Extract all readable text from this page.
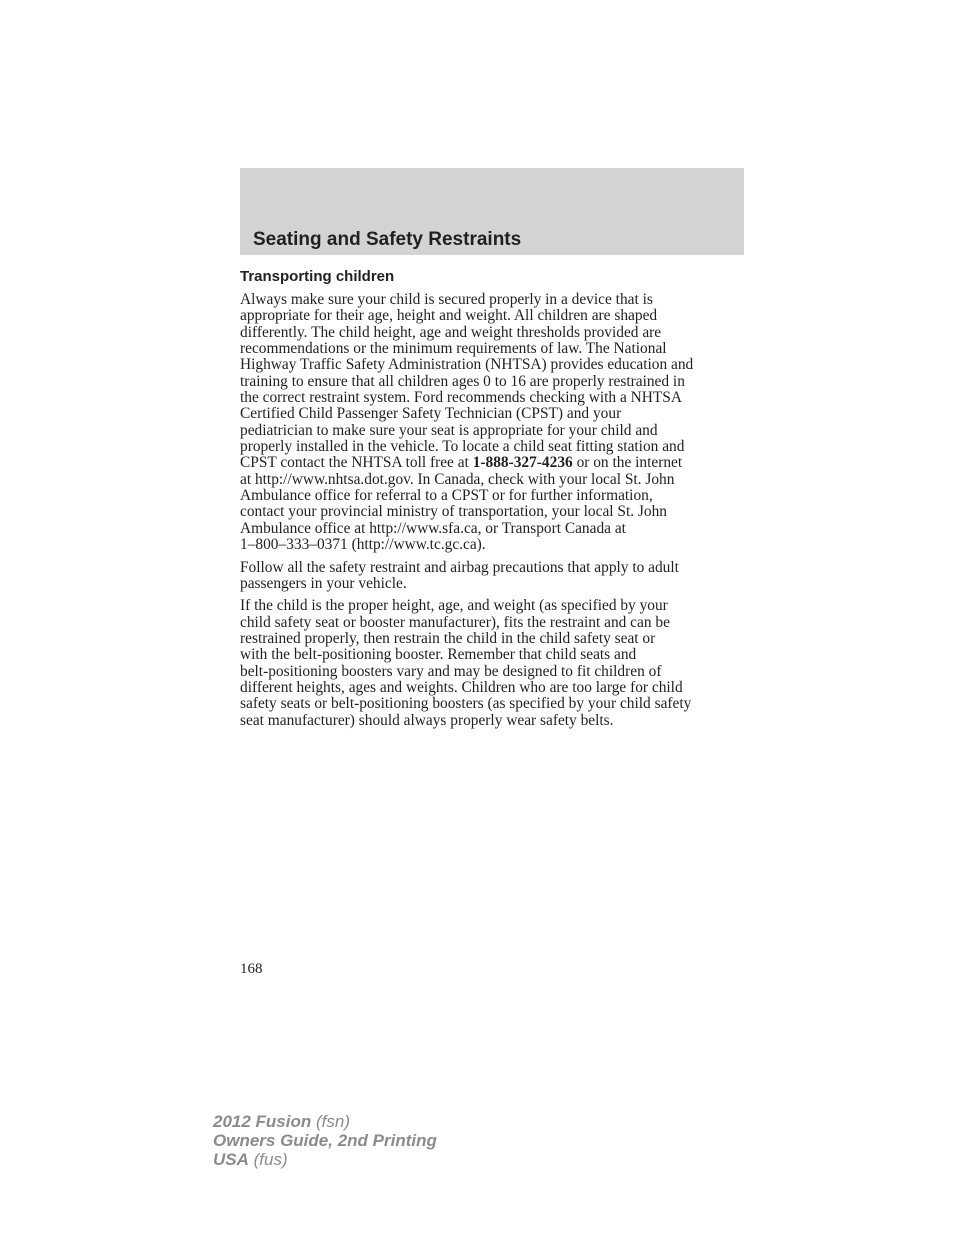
Seating and Safety Restraints
Transporting children

Always make sure your child is secured properly in a device that is
appropriate for their age, height and weight. All children are shaped
differently. The child height, age and weight thresholds provided are
recommendations or the minimum requirements of law. The National
Highway Traffic Safety Administration (NHTSA) provides education and
training to ensure that all children ages 0 to 16 are properly restrained in
the correct restraint system. Ford recommends checking with a NHTSA
Certified Child Passenger Safety Technician (CPST) and your
pediatrician to make sure your seat is appropriate for your child and
properly installed in the vehicle. To locate a child seat fitting station and
CPST contact the NHTSA toll free at 1-888-327-4236 or on the internet
at http://www.nhtsa.dot.gov. In Canada, check with your local St. John
Ambulance office for referral to a CPST or for further information,
contact your provincial ministry of transportation, your local St. John
Ambulance office at http://www.sfa.ca, or Transport Canada at
1–800–333–0371 (http://www.tc.gc.ca).

Follow all the safety restraint and airbag precautions that apply to adult
passengers in your vehicle.

If the child is the proper height, age, and weight (as specified by your
child safety seat or booster manufacturer), fits the restraint and can be
restrained properly, then restrain the child in the child safety seat or
with the belt-positioning booster. Remember that child seats and
belt-positioning boosters vary and may be designed to fit children of
different heights, ages and weights. Children who are too large for child
safety seats or belt-positioning boosters (as specified by your child safety
seat manufacturer) should always properly wear safety belts.

168
2012 Fusion (fsn)
Owners Guide, 2nd Printing
USA (fus)
